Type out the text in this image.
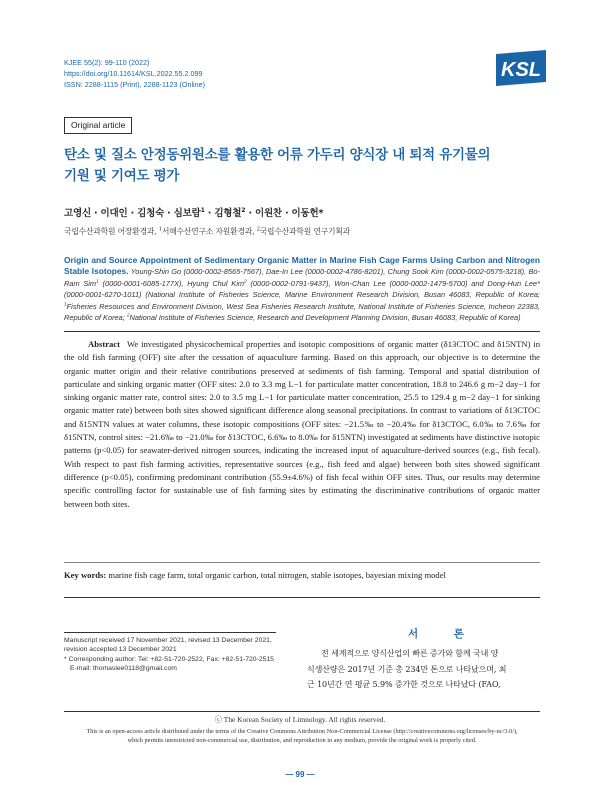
KJEE 55(2): 99-110 (2022)
https://doi.org/10.11614/KSL.2022.55.2.099
ISSN: 2288-1115 (Print), 2288-1123 (Online)
KSL
Original article
탄소 및 질소 안정동위원소를 활용한 어류 가두리 양식장 내 퇴적 유기물의
기원 및 기여도 평가
고영신 · 이대인 · 김청숙 · 심보람$^1$ · 김형철$^2$ · 이원찬 · 이동헌*
국립수산과학원 어장환경과, $^1$서해수산연구소 자원환경과, $^2$국립수산과학원 연구기획과
Origin and Source Appointment of Sedimentary Organic Matter in Marine Fish Cage Farms Using Carbon and Nitrogen Stable Isotopes. Young-Shin Go (0000-0002-8565-7567), Dae-In Lee (0000-0002-4786-8201), Chung Sook Kim (0000-0002-0575-3218), Bo-Ram Sim$^1$ (0000-0001-6085-177X), Hyung Chul Kim$^2$ (0000-0002-0791-9437), Won-Chan Lee (0000-0002-1479-5700) and Dong-Hun Lee* (0000-0001-6270-1011) (National Institute of Fisheries Science, Marine Environment Research Division, Busan 46083, Republic of Korea; $^1$Fisheries Resources and Environment Division, West Sea Fisheries Research Institute, National Institute of Fisheries Science, Incheon 22383, Republic of Korea; $^2$National Institute of Fisheries Science, Research and Development Planning Division, Busan 46083, Republic of Korea)
Abstract We investigated physicochemical properties and isotopic compositions of organic matter (δ13CTOC and δ15NTN) in the old fish farming (OFF) site after the cessation of aquaculture farming. Based on this approach, our objective is to determine the organic matter origin and their relative contributions preserved at sediments of fish farming. Temporal and spatial distribution of particulate and sinking organic matter (OFF sites: 2.0 to 3.3 mg L−1 for particulate matter concentration, 18.8 to 246.6 g m−2 day−1 for sinking organic matter rate, control sites: 2.0 to 3.5 mg L−1 for particulate matter concentration, 25.5 to 129.4 g m−2 day−1 for sinking organic matter rate) between both sites showed significant difference along seasonal precipitations. In contrast to variations of δ13CTOC and δ15NTN values at water columns, these isotopic compositions (OFF sites: −21.5‰ to −20.4‰ for δ13CTOC, 6.0‰ to 7.6‰ for δ15NTN, control sites: −21.6‰ to −21.0‰ for δ13CTOC, 6.6‰ to 8.0‰ for δ15NTN) investigated at sediments have distinctive isotopic patterns (p<0.05) for seawater-derived nitrogen sources, indicating the increased input of aquaculture-derived sources (e.g., fish fecal). With respect to past fish farming activities, representative sources (e.g., fish feed and algae) between both sites showed significant difference (p<0.05), confirming predominant contribution (55.9±4.6%) of fish fecal within OFF sites. Thus, our results may determine specific controlling factor for sustainable use of fish farming sites by estimating the discriminative contributions of organic matter between both sites.
Key words: marine fish cage farm, total organic carbon, total nitrogen, stable isotopes, bayesian mixing model
서 론
Manuscript received 17 November 2021, revised 13 December 2021,
revision accepted 13 December 2021
* Corresponding author: Tel: +82-51-720-2522, Fax: +82-51-720-2515
E-mail: thomaslee0118@gmail.com
전 세계적으로 양식산업의 빠른 증가와 함께 국내 양
식생산량은 2017년 기준 총 234만 톤으로 나타났으며, 최
근 10년간 연 평균 5.9% 증가한 것으로 나타났다 (FAO,
ⓒ The Korean Society of Limnology. All rights reserved.
This is an open-access article distributed under the terms of the Creative Commons Attribution Non-Commercial License (http://creativecommons.org/licenses/by-nc/3.0/),
which permits unrestricted non-commercial use, distribution, and reproduction in any medium, provide the original work is properly cited.
— 99 —
